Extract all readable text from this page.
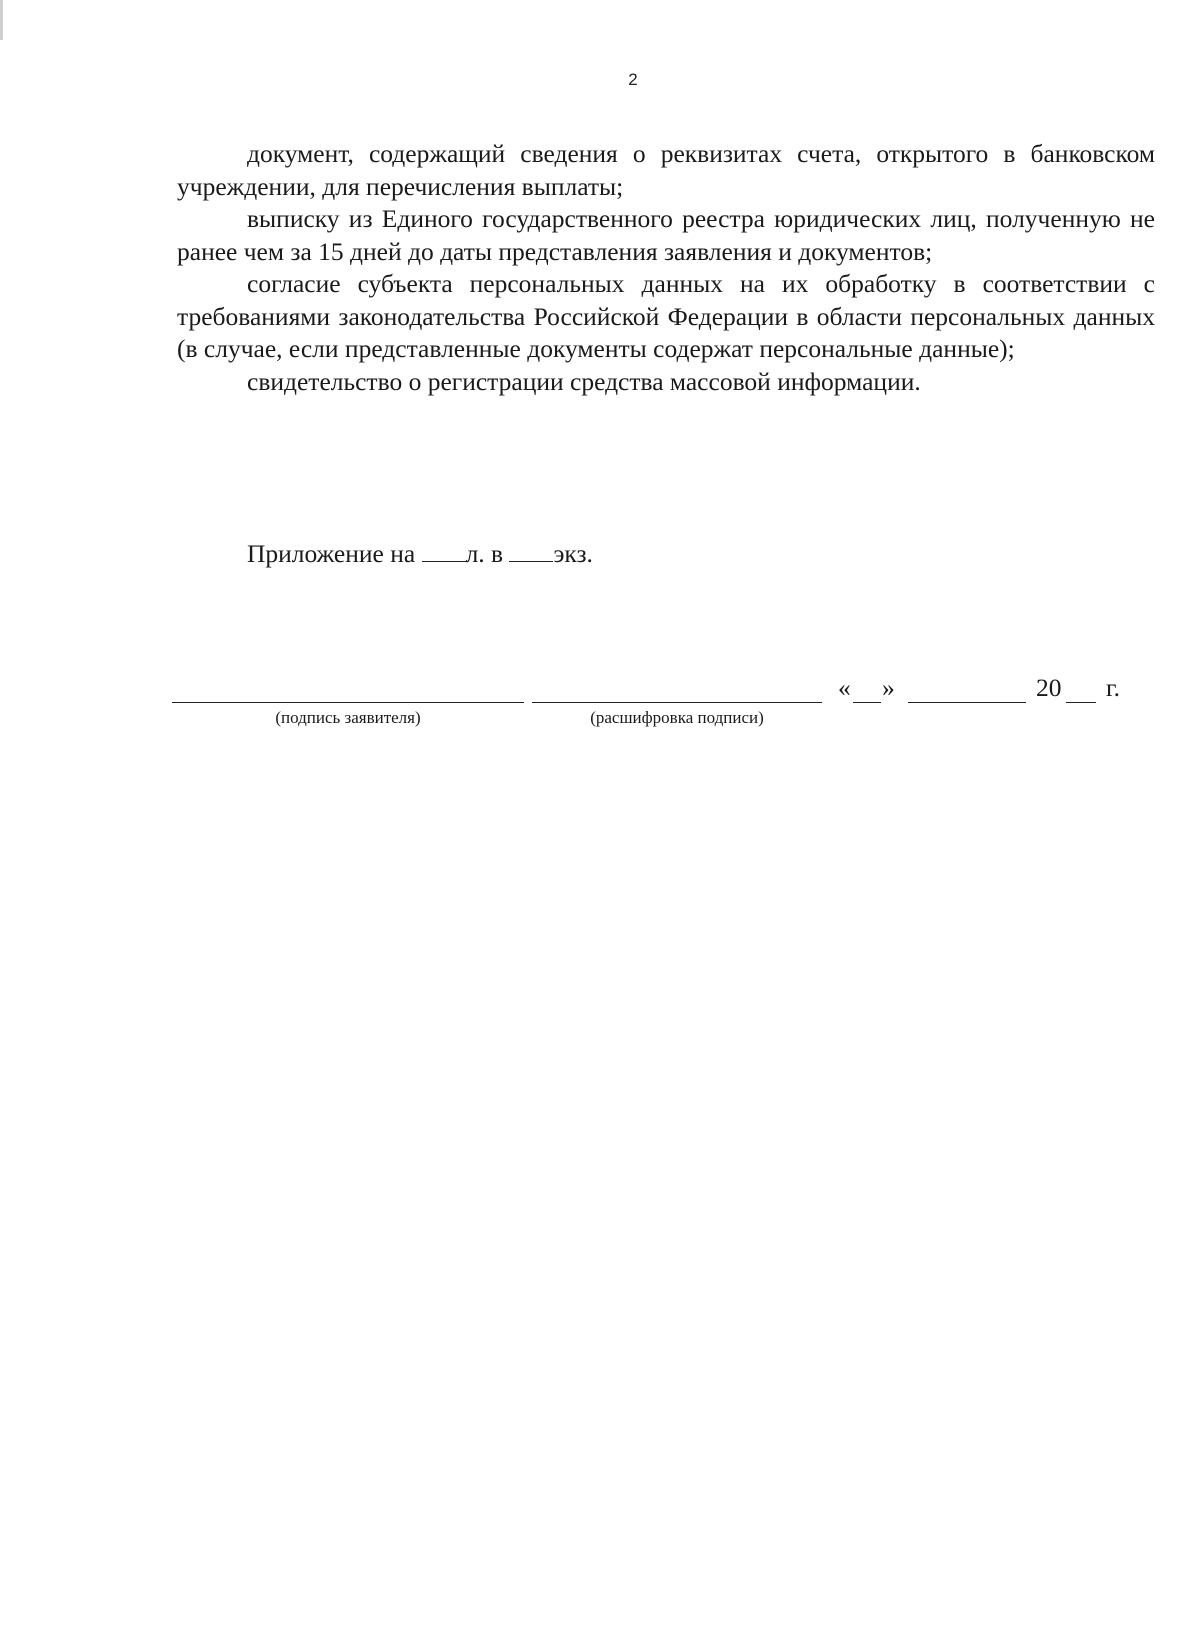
2

документ, содержащий сведения о реквизитах счета, открытого в банковском учреждении, для перечисления выплаты;

выписку из Единого государственного реестра юридических лиц, полученную не ранее чем за 15 дней до даты представления заявления и документов;

согласие субъекта персональных данных на их обработку в соответствии с требованиями законодательства Российской Федерации в области персональных данных (в случае, если представленные документы содержат персональные данные);

свидетельство о регистрации средства массовой информации.

Приложение на л. в экз.
(подпись заявителя)	(расшифровка подписи)
« »	20 г.
